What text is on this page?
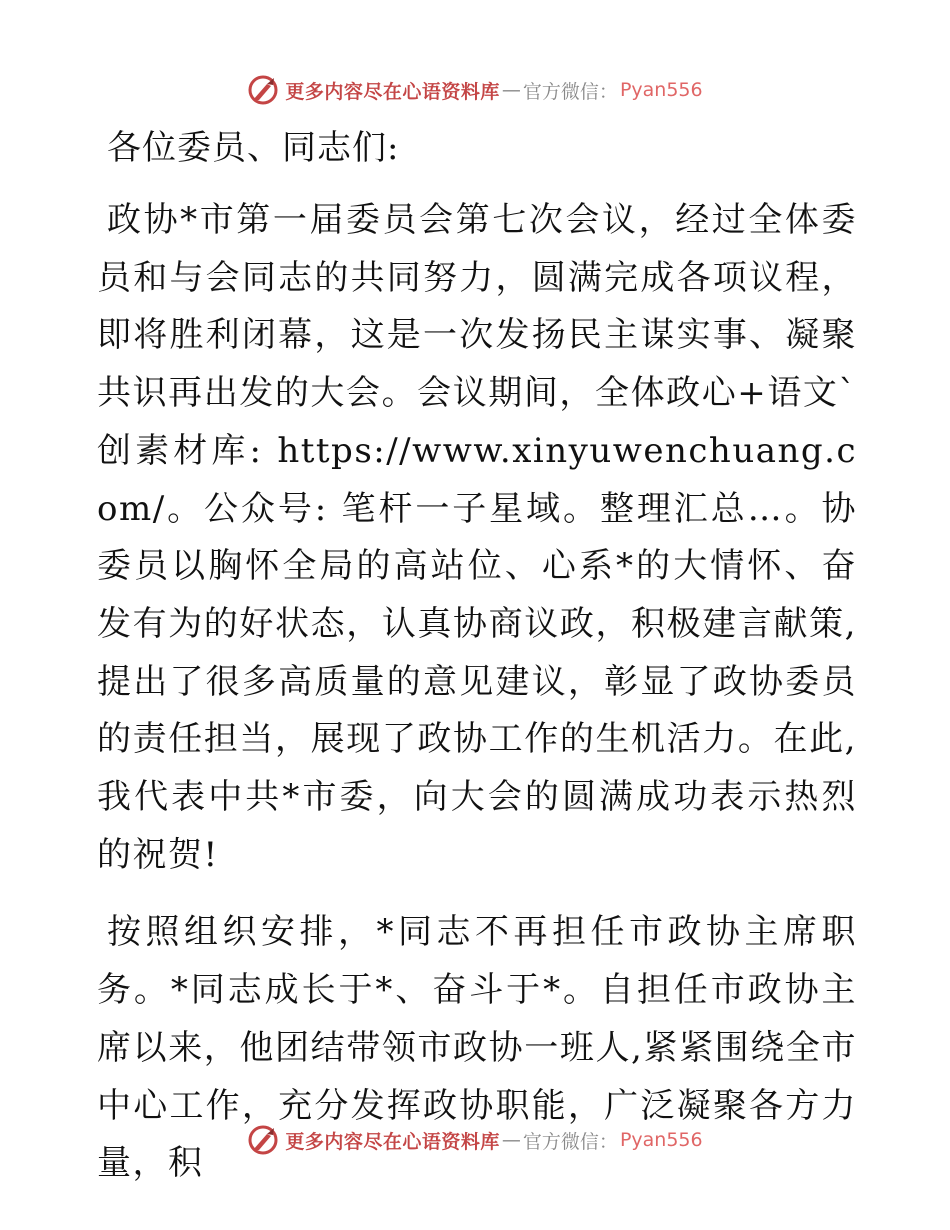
更多内容尽在心语资料库 — 官方微信： Pyan556
各位委员、同志们:

政协*市第一届委员会第七次会议，经过全体委员和与会同志的共同努力，圆满完成各项议程，即将胜利闭幕，这是一次发扬民主谋实事、凝聚共识再出发的大会。会议期间，全体政心+语文`创素材库: https://www.xinyuwenchuang.com/。公众号: 笔杆一子星域。整理汇总…。协委员以胸怀全局的高站位、心系*的大情怀、奋发有为的好状态，认真协商议政，积极建言献策,提出了很多高质量的意见建议，彰显了政协委员的责任担当，展现了政协工作的生机活力。在此,我代表中共*市委，向大会的圆满成功表示热烈的祝贺!

按照组织安排，*同志不再担任市政协主席职务。*同志成长于*、奋斗于*。自担任市政协主席以来，他团结带领市政协一班人,紧紧围绕全市中心工作，充分发挥政协职能，广泛凝聚各方力量，积

更多内容尽在心语资料库 — 官方微信： Pyan556
